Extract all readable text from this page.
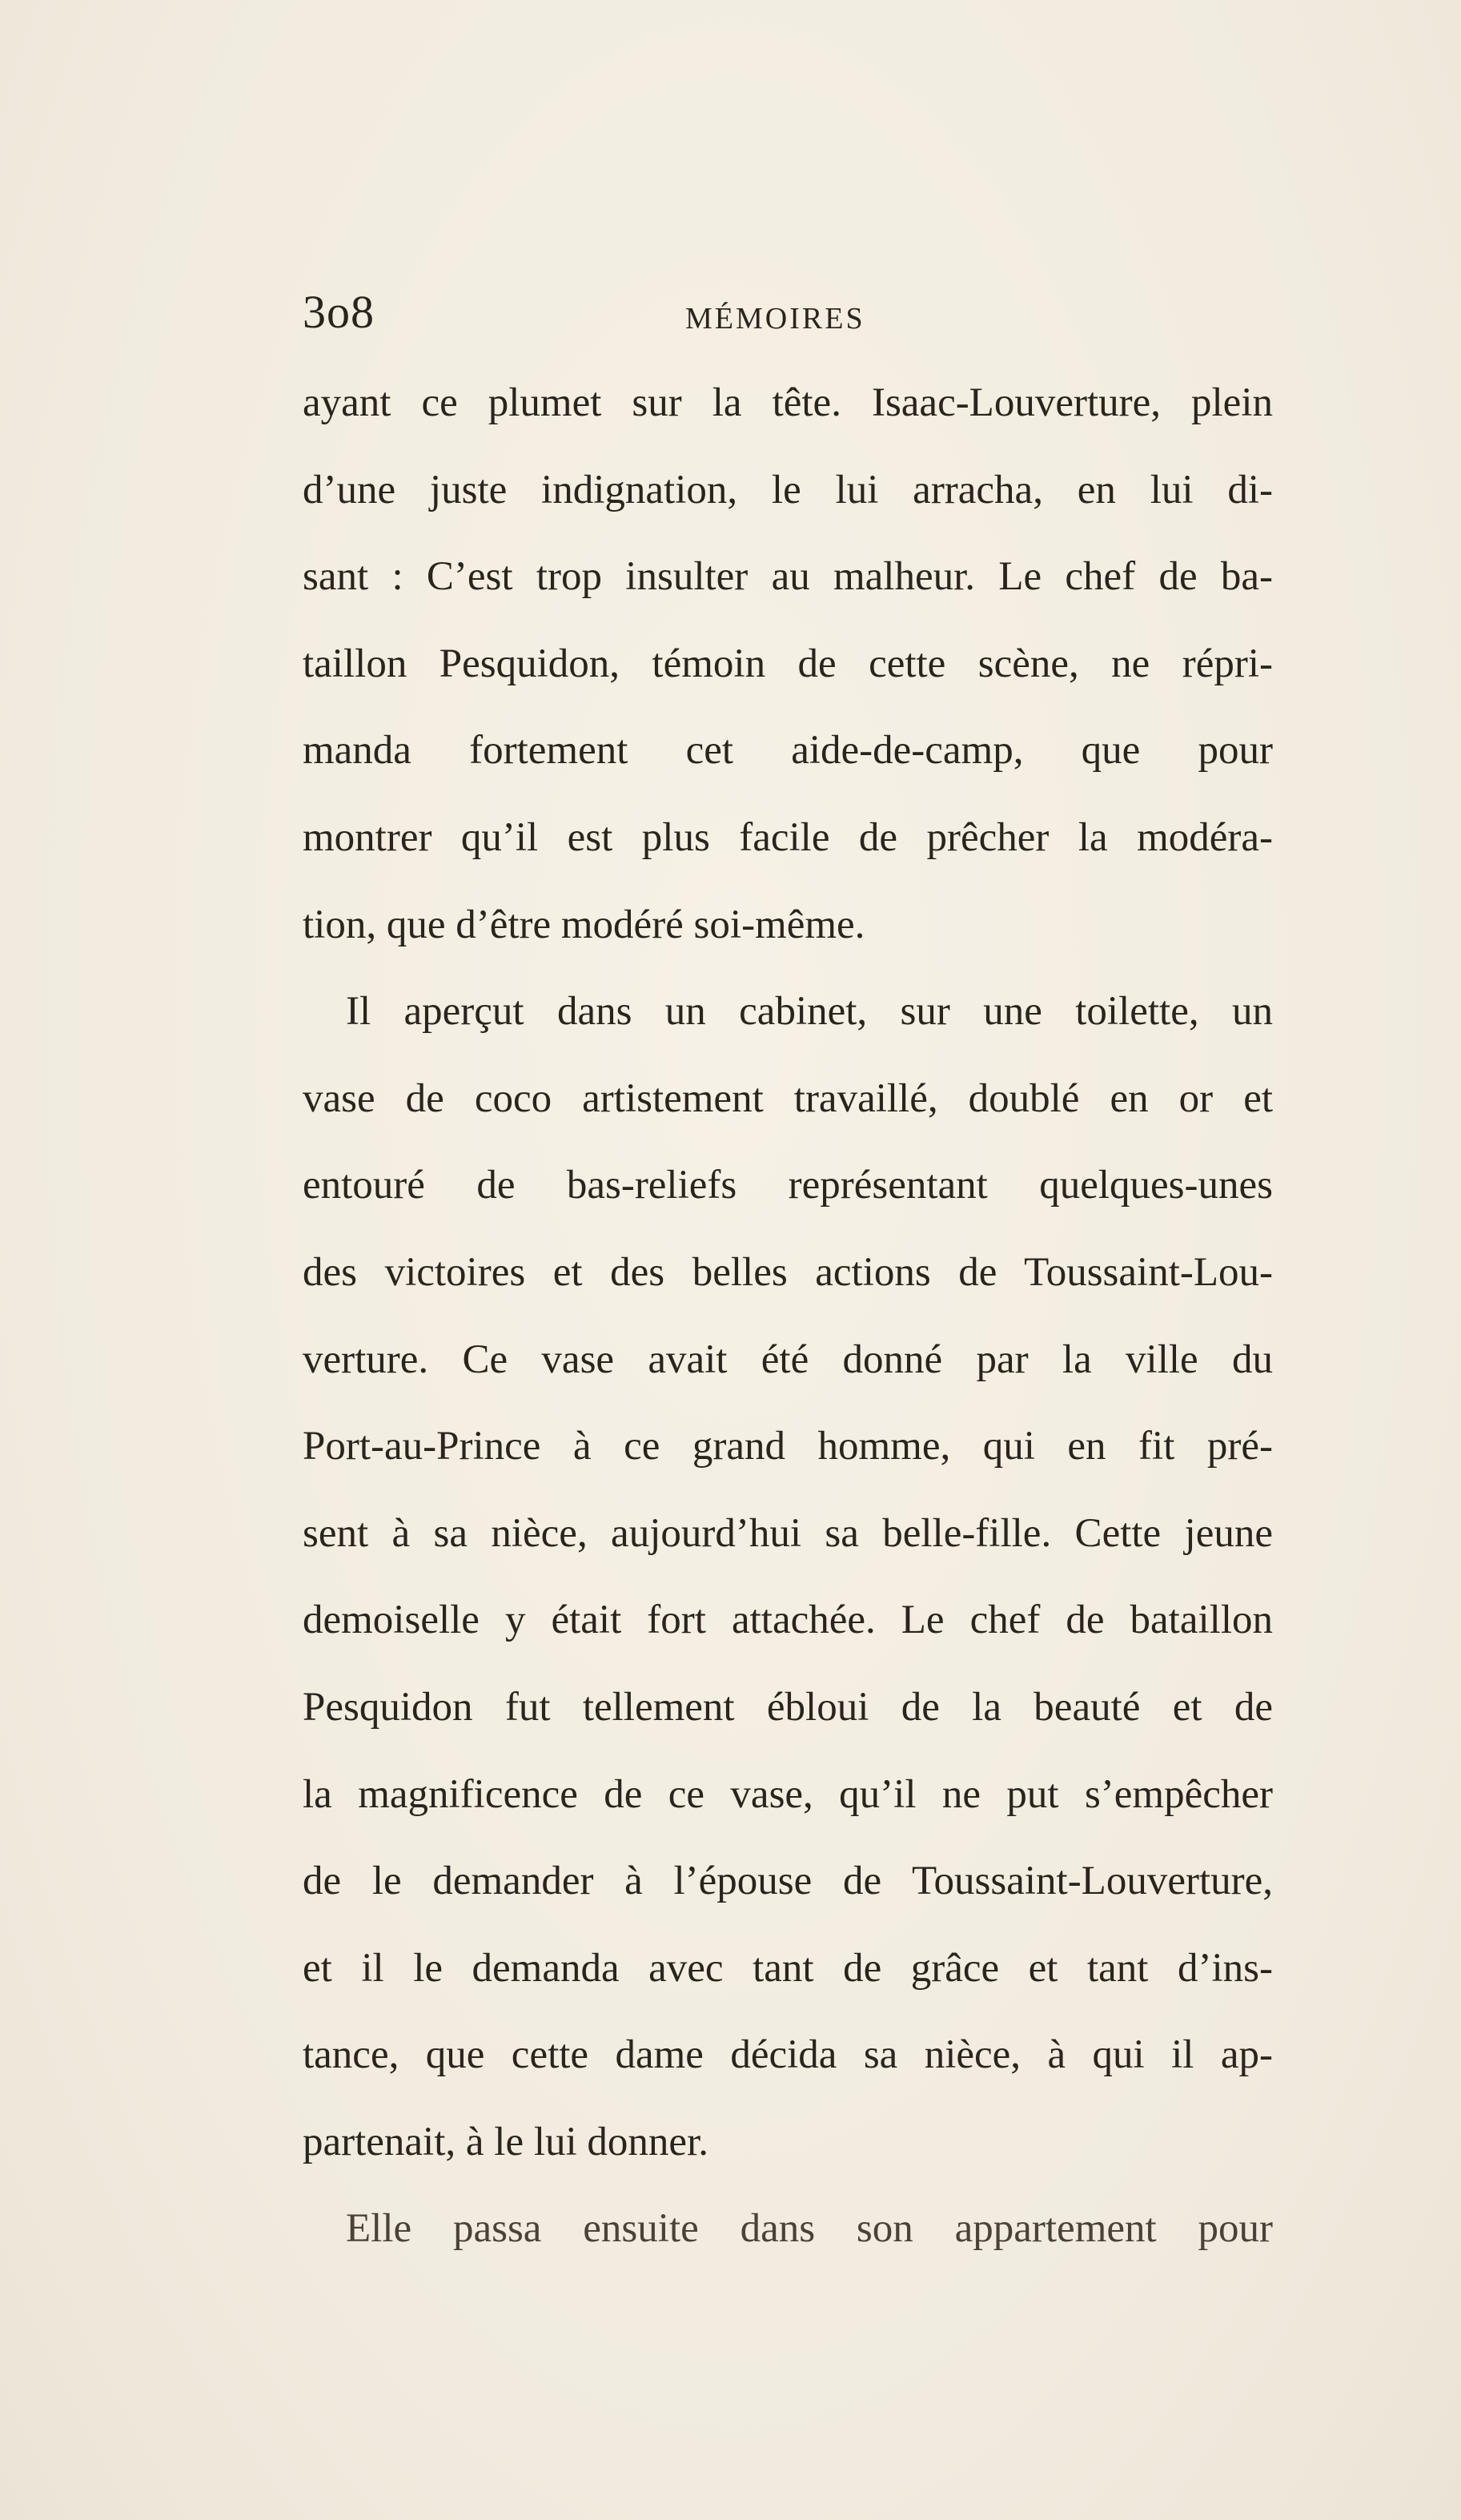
3o8	MÉMOIRES
ayant ce plumet sur la tête. Isaac-Louverture, plein
d’une juste indignation, le lui arracha, en lui di-
sant : C’est trop insulter au malheur. Le chef de ba-
taillon Pesquidon, témoin de cette scène, ne répri-
manda fortement cet aide-de-camp, que pour
montrer qu’il est plus facile de prêcher la modéra-
tion, que d’être modéré soi-même.
Il aperçut dans un cabinet, sur une toilette, un
vase de coco artistement travaillé, doublé en or et
entouré de bas-reliefs représentant quelques-unes
des victoires et des belles actions de Toussaint-Lou-
verture. Ce vase avait été donné par la ville du
Port-au-Prince à ce grand homme, qui en fit pré-
sent à sa nièce, aujourd’hui sa belle-fille. Cette jeune
demoiselle y était fort attachée. Le chef de bataillon
Pesquidon fut tellement ébloui de la beauté et de
la magnificence de ce vase, qu’il ne put s’empêcher
de le demander à l’épouse de Toussaint-Louverture,
et il le demanda avec tant de grâce et tant d’ins-
tance, que cette dame décida sa nièce, à qui il ap-
partenait, à le lui donner.
Elle passa ensuite dans son appartement pour
